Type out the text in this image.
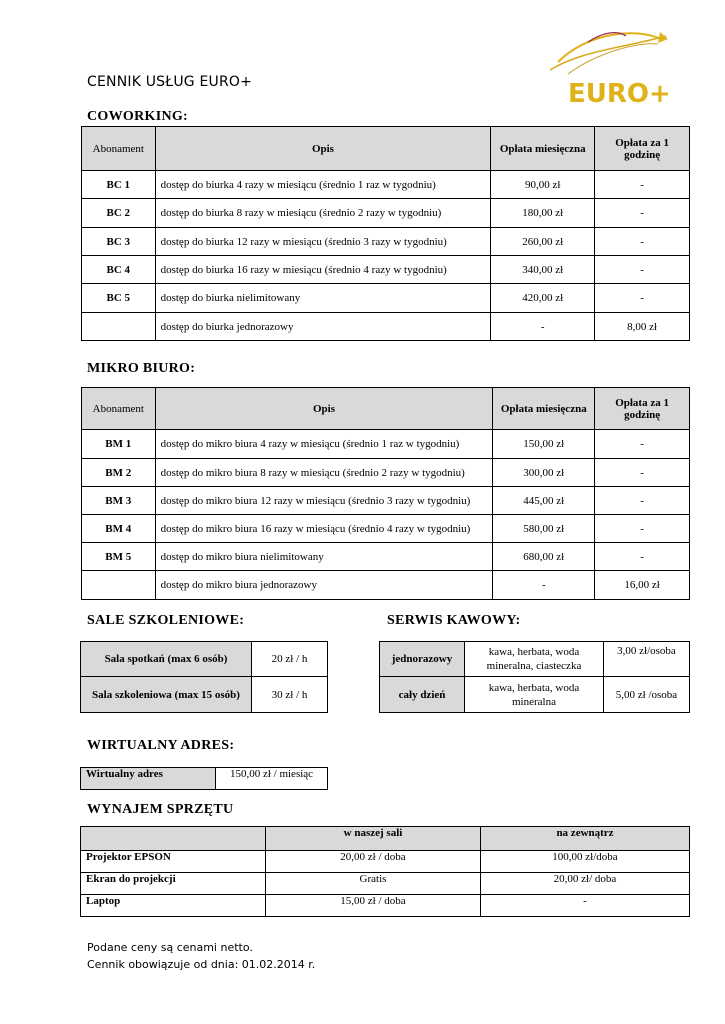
EURO+
CENNIK USŁUG EURO+
COWORKING:
Abonament	Opis	Opłata miesięczna	Opłata za 1 godzinę
BC 1	dostęp do biurka 4 razy w miesiącu (średnio 1 raz w tygodniu)	90,00 zł	-
BC 2	dostęp do biurka 8 razy w miesiącu (średnio 2 razy w tygodniu)	180,00 zł	-
BC 3	dostęp do biurka 12 razy w miesiącu (średnio 3 razy w tygodniu)	260,00 zł	-
BC 4	dostęp do biurka 16 razy w miesiącu (średnio 4 razy w tygodniu)	340,00 zł	-
BC 5	dostęp do biurka nielimitowany	420,00 zł	-
	dostęp do biurka jednorazowy	-	8,00 zł
MIKRO BIURO:
Abonament	Opis	Opłata miesięczna	Opłata za 1 godzinę
BM 1	dostęp do mikro biura 4 razy w miesiącu (średnio 1 raz w tygodniu)	150,00 zł	-
BM 2	dostęp do mikro biura 8 razy w miesiącu (średnio 2 razy w tygodniu)	300,00 zł	-
BM 3	dostęp do mikro biura 12 razy w miesiącu (średnio 3 razy w tygodniu)	445,00 zł	-
BM 4	dostęp do mikro biura 16 razy w miesiącu (średnio 4 razy w tygodniu)	580,00 zł	-
BM 5	dostęp do mikro biura nielimitowany	680,00 zł	-
	dostęp do mikro biura jednorazowy	-	16,00 zł
SALE SZKOLENIOWE:
Sala spotkań (max 6 osób)	20 zł / h
Sala szkoleniowa (max 15 osób)	30 zł / h
SERWIS KAWOWY:
jednorazowy	kawa, herbata, woda mineralna, ciasteczka	3,00 zł/osoba
cały dzień	kawa, herbata, woda mineralna	5,00 zł /osoba
WIRTUALNY ADRES:
Wirtualny adres	150,00 zł / miesiąc
WYNAJEM SPRZĘTU
	w naszej sali	na zewnątrz
Projektor EPSON	20,00 zł / doba	100,00 zł/doba
Ekran do projekcji	Gratis	20,00 zł/ doba
Laptop	15,00 zł / doba	-
Podane ceny są cenami netto.
Cennik obowiązuje od dnia: 01.02.2014 r.
